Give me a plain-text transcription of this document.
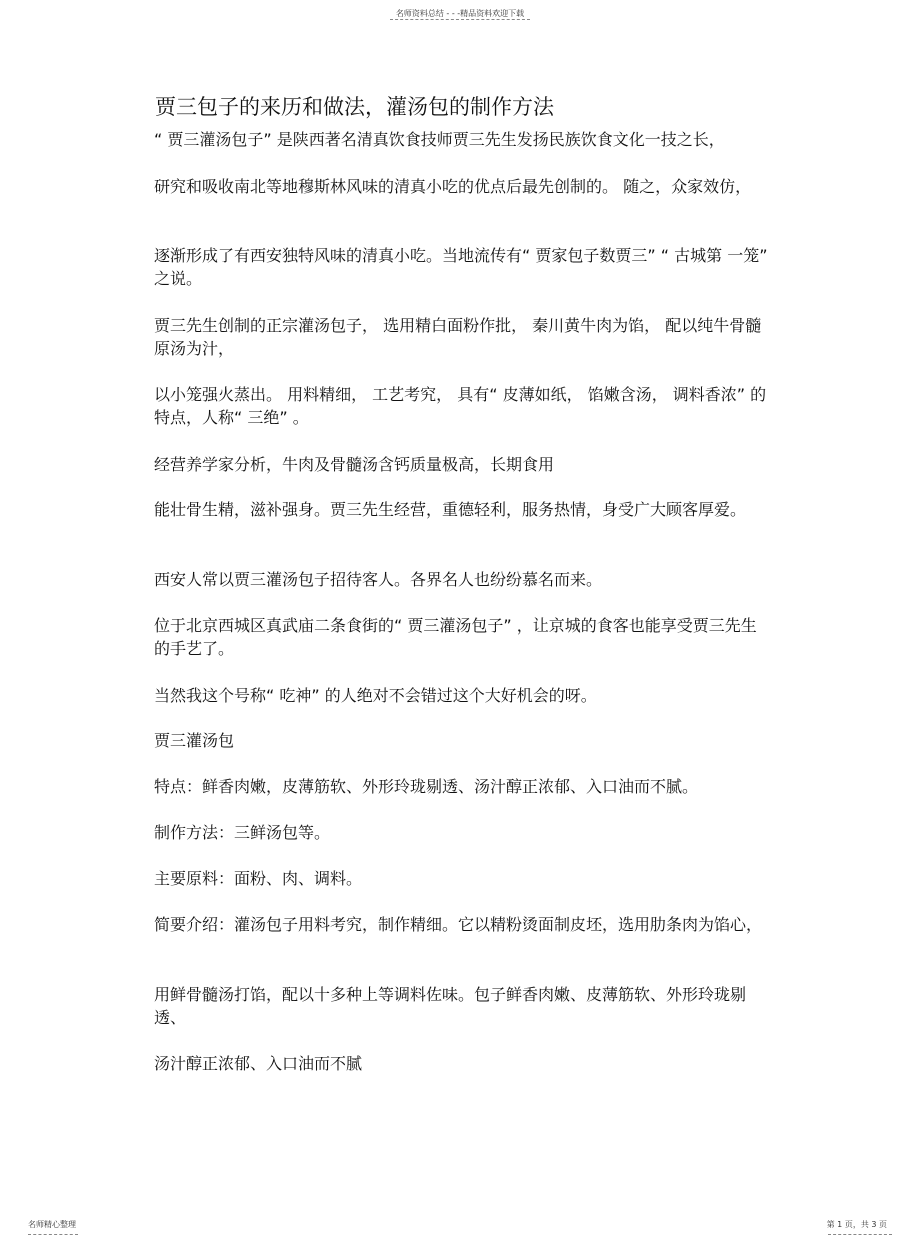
名师资料总结 - - -精品资料欢迎下载
贾三包子的来历和做法，灌汤包的制作方法

“ 贾三灌汤包子” 是陕西著名清真饮食技师贾三先生发扬民族饮食文化一技之长，

研究和吸收南北等地穆斯林风味的清真小吃的优点后最先创制的。 随之，众家效仿，

逐渐形成了有西安独特风味的清真小吃。当地流传有“ 贾家包子数贾三” “ 古城第 一笼” 之说。

贾三先生创制的正宗灌汤包子， 选用精白面粉作批， 秦川黄牛肉为馅， 配以纯牛骨髓原汤为汁，

以小笼强火蒸出。 用料精细， 工艺考究， 具有“ 皮薄如纸， 馅嫩含汤， 调料香浓” 的特点，人称“ 三绝” 。

经营养学家分析，牛肉及骨髓汤含钙质量极高，长期食用

能壮骨生精，滋补强身。贾三先生经营，重德轻利，服务热情，身受广大顾客厚爱。

西安人常以贾三灌汤包子招待客人。各界名人也纷纷慕名而来。

位于北京西城区真武庙二条食街的“ 贾三灌汤包子” ，让京城的食客也能享受贾三先生的手艺了。

当然我这个号称“ 吃神” 的人绝对不会错过这个大好机会的呀。

贾三灌汤包

特点：鲜香肉嫩，皮薄筋软、外形玲珑剔透、汤汁醇正浓郁、入口油而不腻。

制作方法：三鲜汤包等。

主要原料：面粉、肉、调料。

简要介绍：灌汤包子用料考究，制作精细。它以精粉烫面制皮坯，选用肋条肉为馅心，

用鲜骨髓汤打馅，配以十多种上等调料佐味。包子鲜香肉嫩、皮薄筋软、外形玲珑剔透、

汤汁醇正浓郁、入口油而不腻

名师精心整理	第 1 页，共 3 页
